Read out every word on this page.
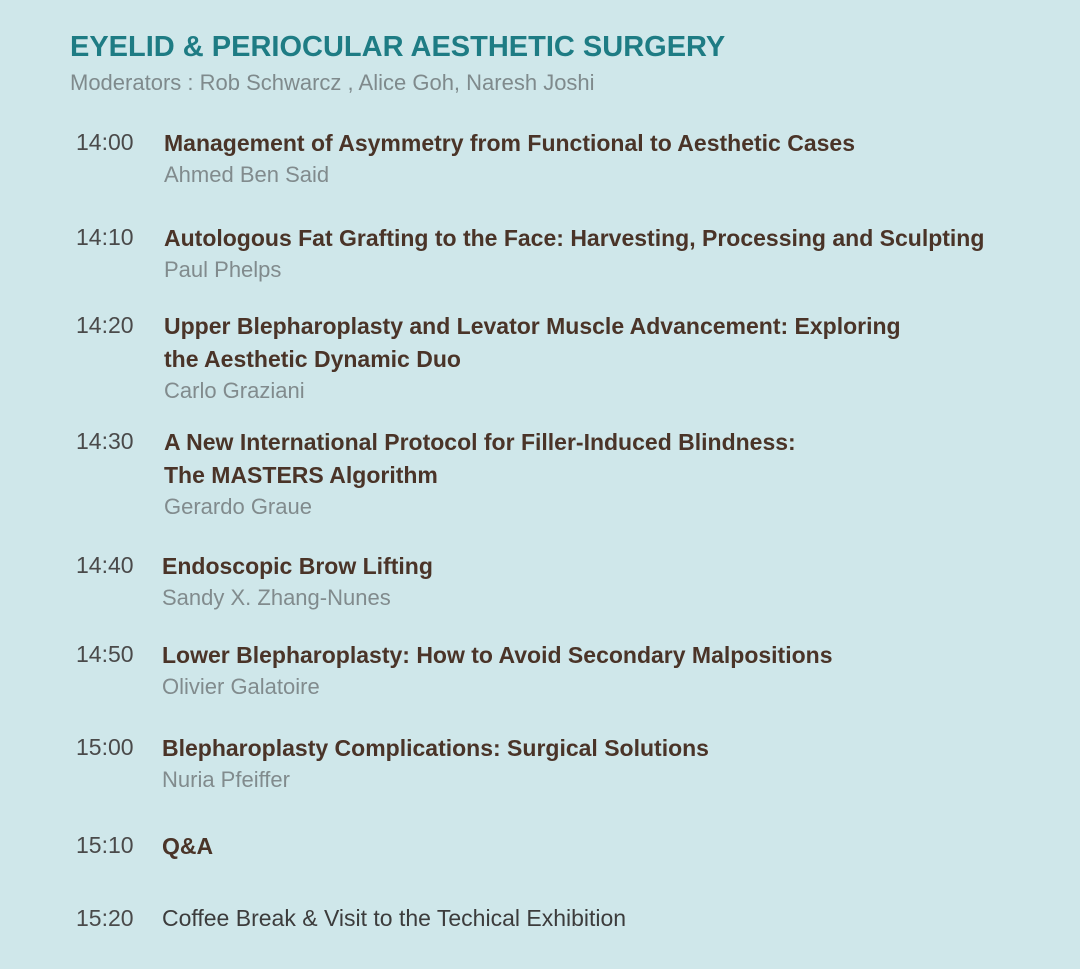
EYELID & PERIOCULAR AESTHETIC SURGERY
Moderators : Rob Schwarcz , Alice Goh, Naresh Joshi
14:00 Management of Asymmetry from Functional to Aesthetic Cases
Ahmed Ben Said
14:10 Autologous Fat Grafting to the Face: Harvesting, Processing and Sculpting
Paul Phelps
14:20 Upper Blepharoplasty and Levator Muscle Advancement: Exploring
the Aesthetic Dynamic Duo
Carlo Graziani
14:30 A New International Protocol for Filler-Induced Blindness:
The MASTERS Algorithm
Gerardo Graue
14:40 Endoscopic Brow Lifting
Sandy X. Zhang-Nunes
14:50 Lower Blepharoplasty: How to Avoid Secondary Malpositions
Olivier Galatoire
15:00 Blepharoplasty Complications: Surgical Solutions
Nuria Pfeiffer
15:10 Q&A
15:20 Coffee Break & Visit to the Techical Exhibition
